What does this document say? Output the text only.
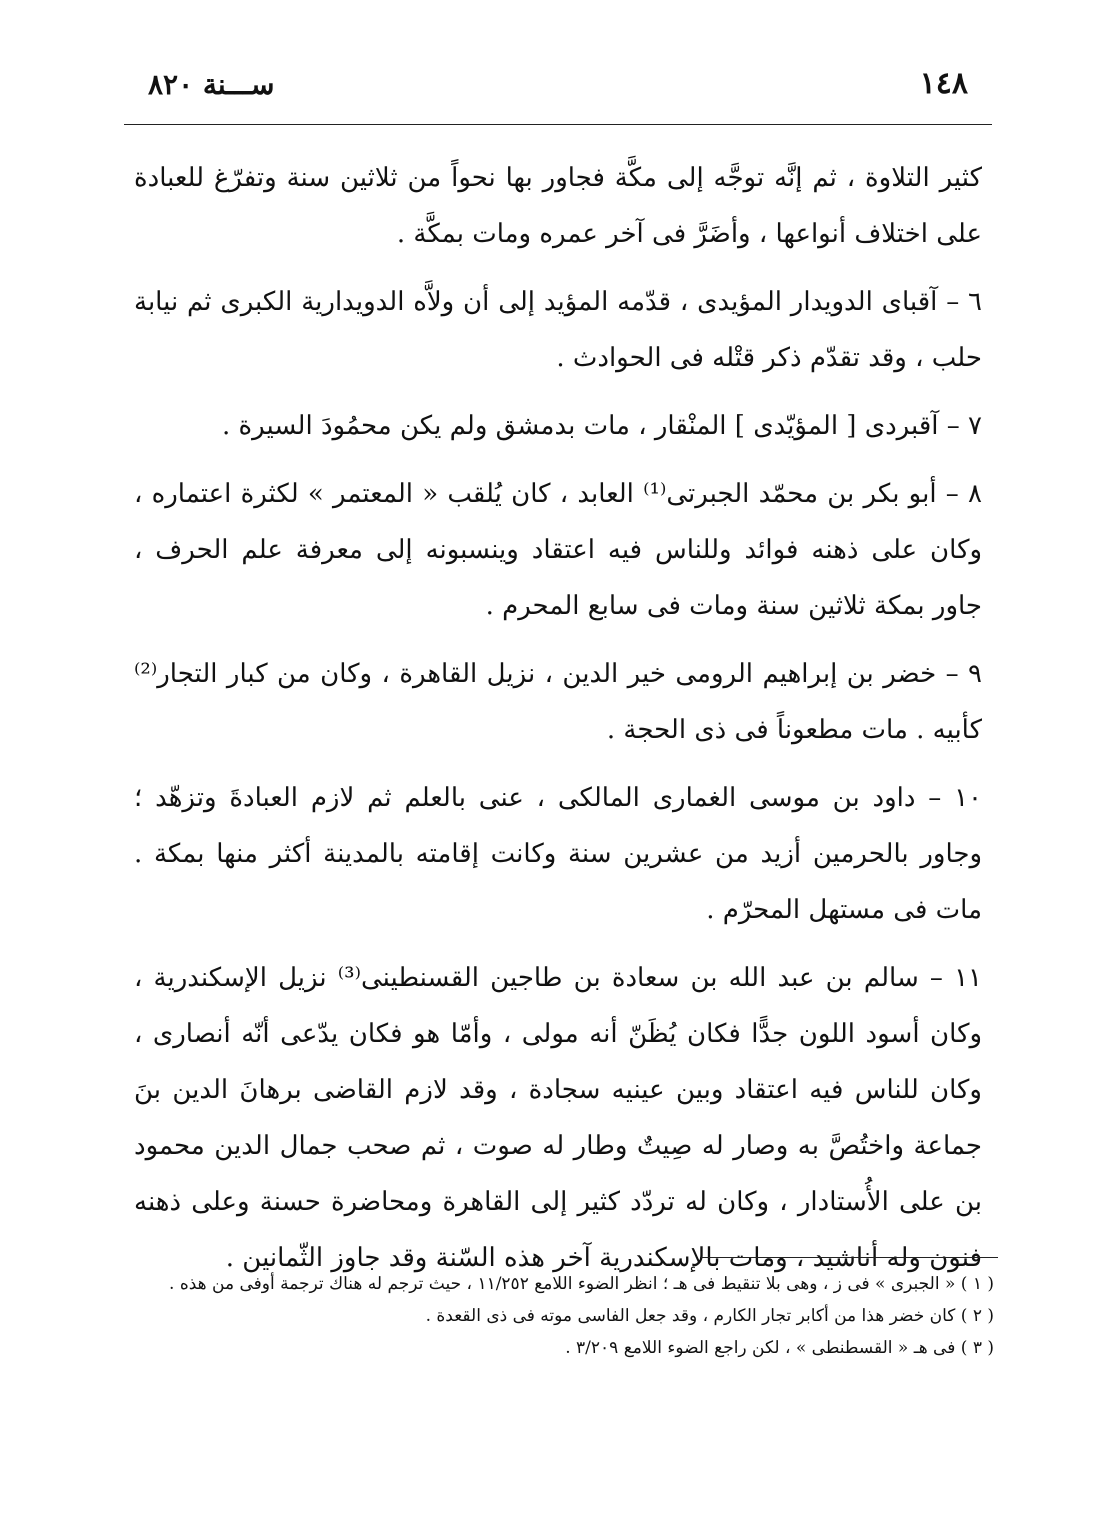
١٤٨
ســـنة ٨٢٠

كثير التلاوة ، ثم إنَّه توجَّه إلى مكَّة فجاور بها نحواً من ثلاثين سنة وتفرّغ للعبادة على اختلاف أنواعها ، وأضَرَّ فى آخر عمره ومات بمكَّة .

٦ – آقباى الدويدار المؤيدى ، قدّمه المؤيد إلى أن ولاَّه الدويدارية الكبرى ثم نيابة حلب ، وقد تقدّم ذكر قتْله فى الحوادث .

٧ – آقبردى [ المؤيّدى ] المنْقار ، مات بدمشق ولم يكن محمُودَ السيرة .

٨ – أبو بكر بن محمّد الجبرتى⁽¹⁾ العابد ، كان يُلقب « المعتمر » لكثرة اعتماره ، وكان على ذهنه فوائد وللناس فيه اعتقاد وينسبونه إلى معرفة علم الحرف ، جاور بمكة ثلاثين سنة ومات فى سابع المحرم .

٩ – خضر بن إبراهيم الرومى خير الدين ، نزيل القاهرة ، وكان من كبار التجار⁽²⁾ كأبيه . مات مطعوناً فى ذى الحجة .

١٠ – داود بن موسى الغمارى المالكى ، عنى بالعلم ثم لازم العبادةَ وتزهّد ؛ وجاور بالحرمين أزيد من عشرين سنة وكانت إقامته بالمدينة أكثر منها بمكة . مات فى مستهل المحرّم .

١١ – سالم بن عبد الله بن سعادة بن طاجين القسنطينى⁽³⁾ نزيل الإسكندرية ، وكان أسود اللون جدًّا فكان يُظَنّ أنه مولى ، وأمّا هو فكان يدّعى أنّه أنصارى ، وكان للناس فيه اعتقاد وبين عينيه سجادة ، وقد لازم القاضى برهانَ الدين بنَ جماعة واختُصَّ به وصار له صِيتٌ وطار له صوت ، ثم صحب جمال الدين محمود بن على الأُستادار ، وكان له تردّد كثير إلى القاهرة ومحاضرة حسنة وعلى ذهنه فنون وله أناشيد ، ومات بالإسكندرية آخر هذه السّنة وقد جاوز الثّمانين .

( ١ ) « الجبرى » فى ز ، وهى بلا تنقيط فى هـ ؛ انظر الضوء اللامع ١١/٢٥٢ ، حيث ترجم له هناك ترجمة أوفى من هذه .

( ٢ ) كان خضر هذا من أكابر تجار الكارم ، وقد جعل الفاسى موته فى ذى القعدة .

( ٣ ) فى هـ « القسطنطى » ، لكن راجع الضوء اللامع ٣/٢٠٩ .
